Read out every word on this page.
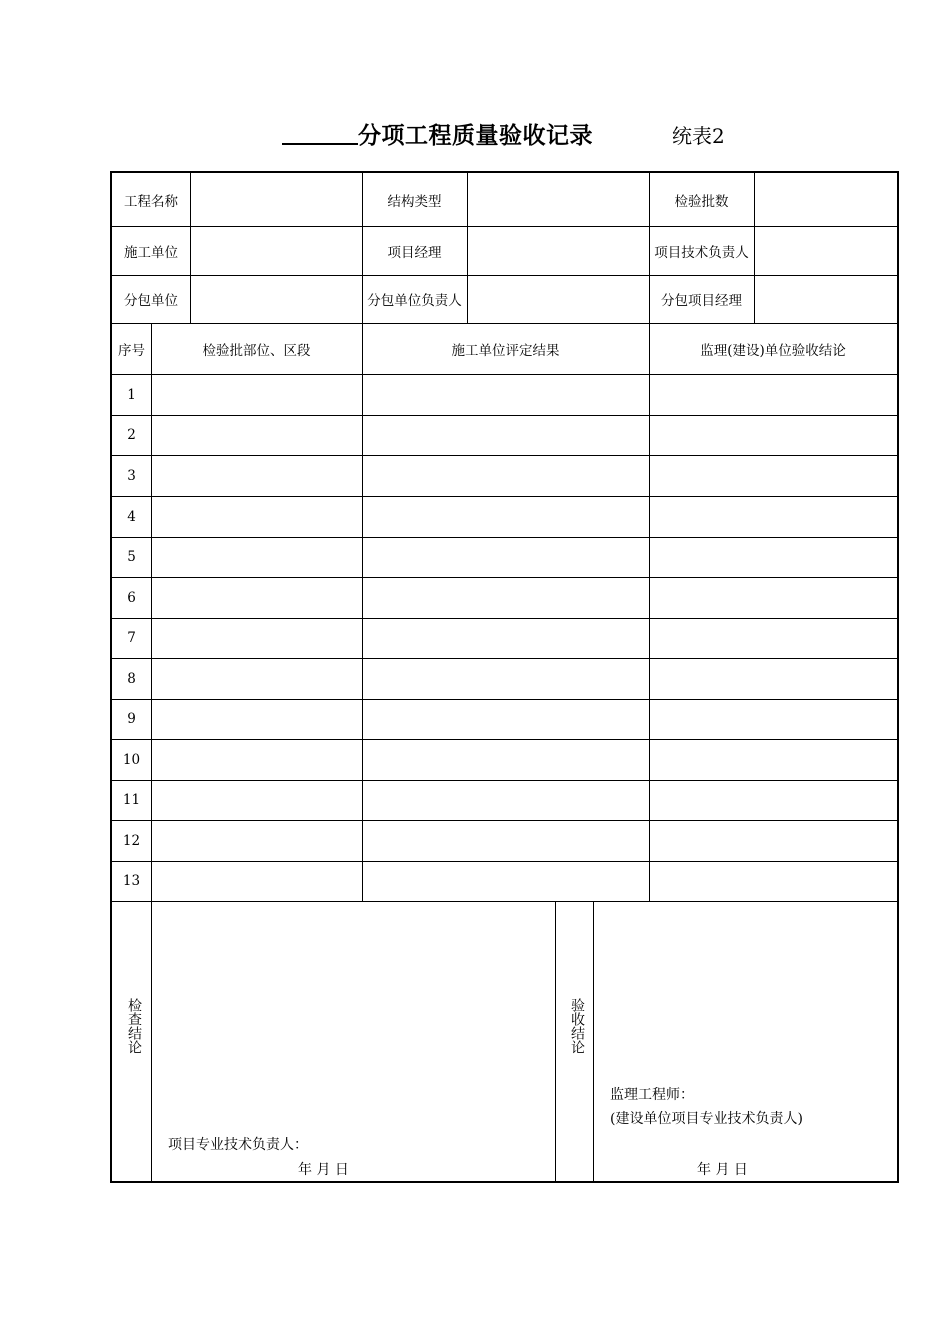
分项工程质量验收记录	统表2
工程名称	结构类型	检验批数
施工单位	项目经理	项目技术负责人
分包单位	分包单位负责人	分包项目经理
序号	检验批部位、区段	施工单位评定结果	监理(建设)单位验收结论
1
2
3
4
5
6
7
8
9
10
11
12
13
检查结论	验收结论
项目专业技术负责人：
年 月 日
监理工程师：
(建设单位项目专业技术负责人)
年 月 日
